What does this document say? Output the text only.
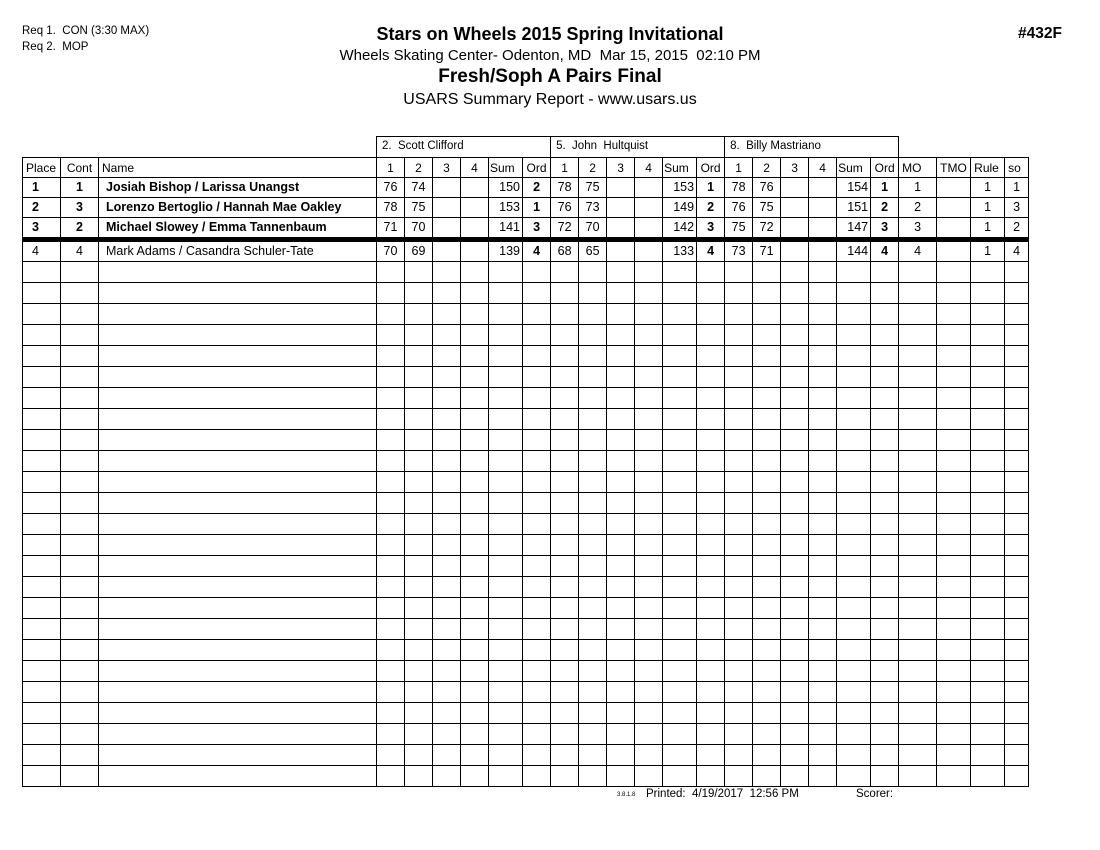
Req 1.  CON (3:30 MAX)
Req 2.  MOP
Stars on Wheels 2015 Spring Invitational
Wheels Skating Center- Odenton, MD  Mar 15, 2015  02:10 PM
Fresh/Soph A Pairs Final
USARS Summary Report - www.usars.us
#432F
			2.  Scott Clifford						5.  John  Hultquist						8.  Billy Mastriano									
Place	Cont	Name	1	2	3	4	Sum	Ord	1	2	3	4	Sum	Ord	1	2	3	4	Sum	Ord	MO	TMO	Rule	so
1	1	Josiah Bishop / Larissa Unangst	76	74			150	2	78	75			153	1	78	76			154	1	1		1	1
2	3	Lorenzo Bertoglio / Hannah Mae Oakley	78	75			153	1	76	73			149	2	76	75			151	2	2		1	3
3	2	Michael Slowey / Emma Tannenbaum	71	70			141	3	72	70			142	3	75	72			147	3	3		1	2
4	4	Mark Adams / Casandra Schuler-Tate	70	69			139	4	68	65			133	4	73	71			144	4	4		1	4

3.8.1.8 Printed:  4/19/2017  12:56 PM	Scorer:
